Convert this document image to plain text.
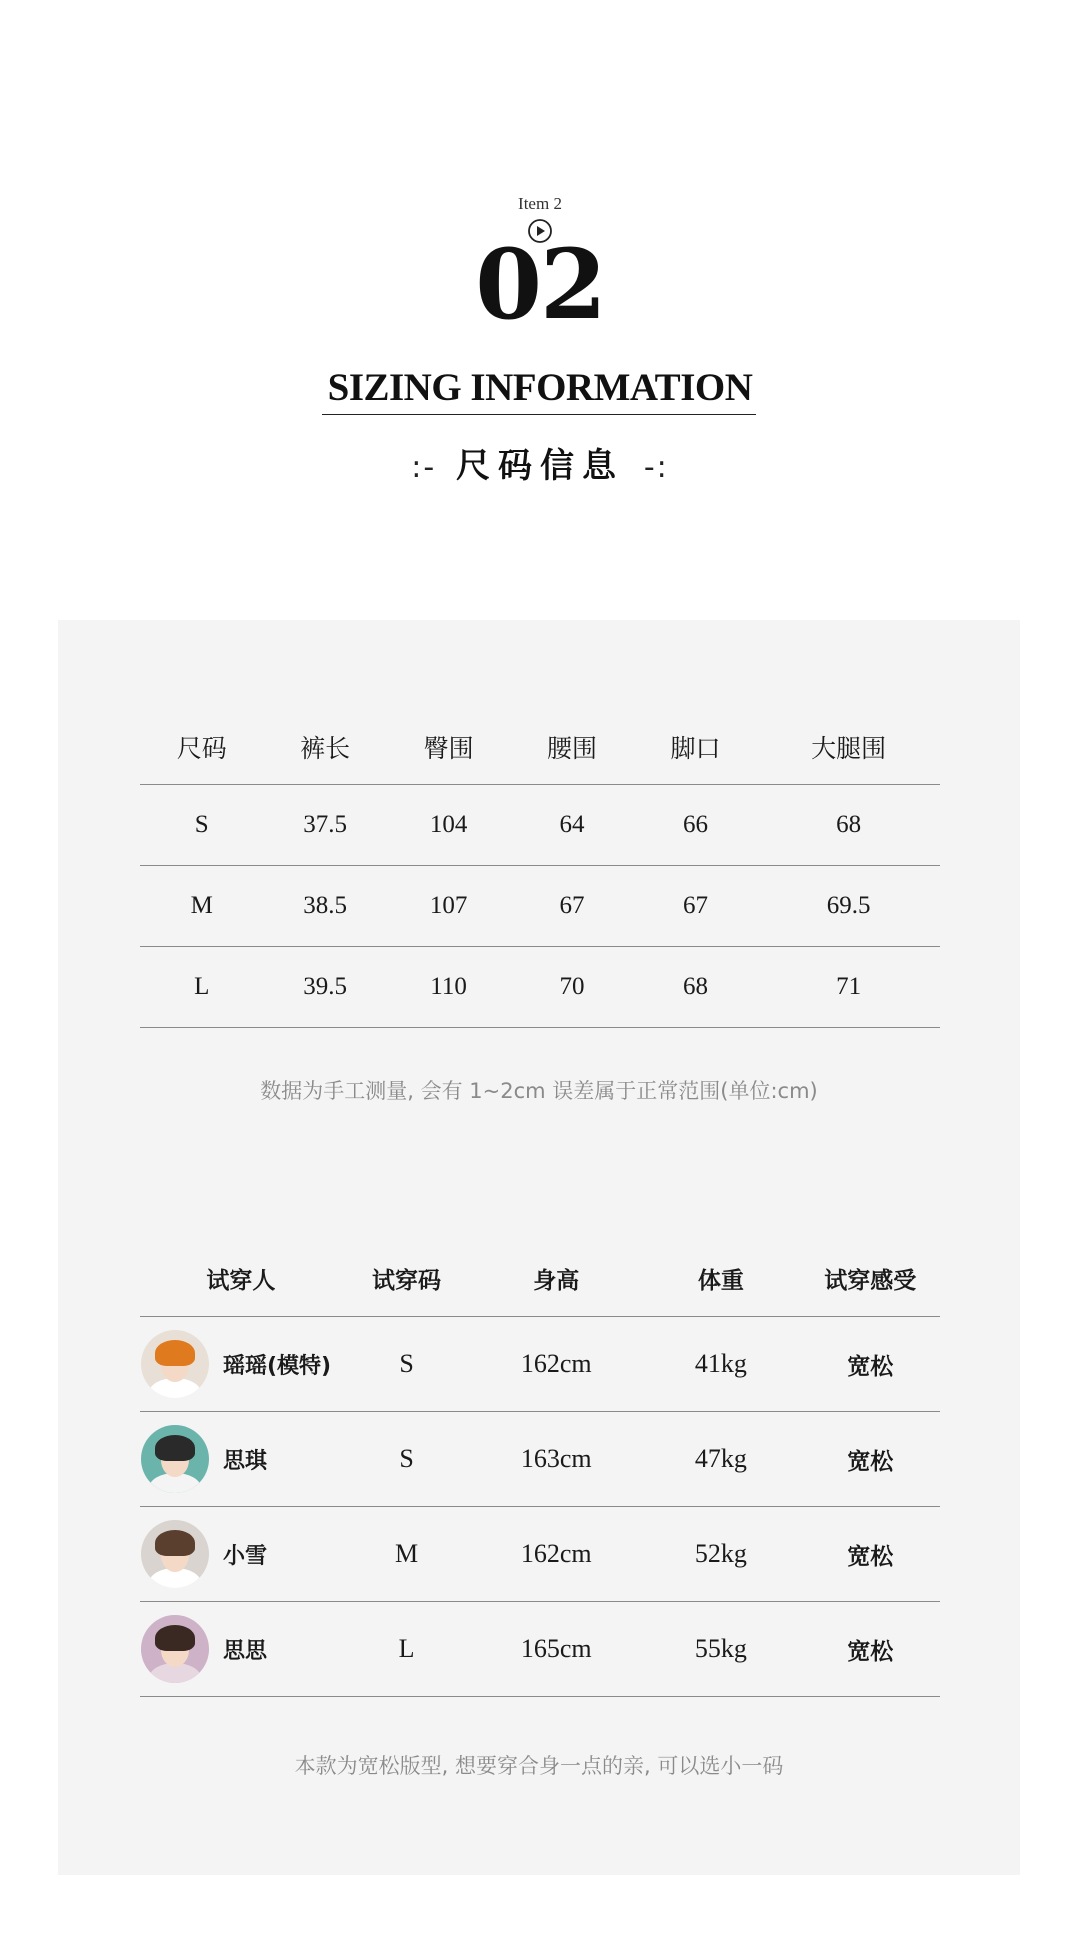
Item 2
02
SIZING INFORMATION
:- 尺码信息 -:
尺码	裤长	臀围	腰围	脚口	大腿围
S	37.5	104	64	66	68
M	38.5	107	67	67	69.5
L	39.5	110	70	68	71
数据为手工测量, 会有 1~2cm 误差属于正常范围(单位:cm)
试穿人	试穿码	身高	体重	试穿感受

瑶瑶(模特)	S	162cm	41kg	宽松

思琪	S	163cm	47kg	宽松

小雪	M	162cm	52kg	宽松

思思	L	165cm	55kg	宽松
本款为宽松版型, 想要穿合身一点的亲, 可以选小一码
